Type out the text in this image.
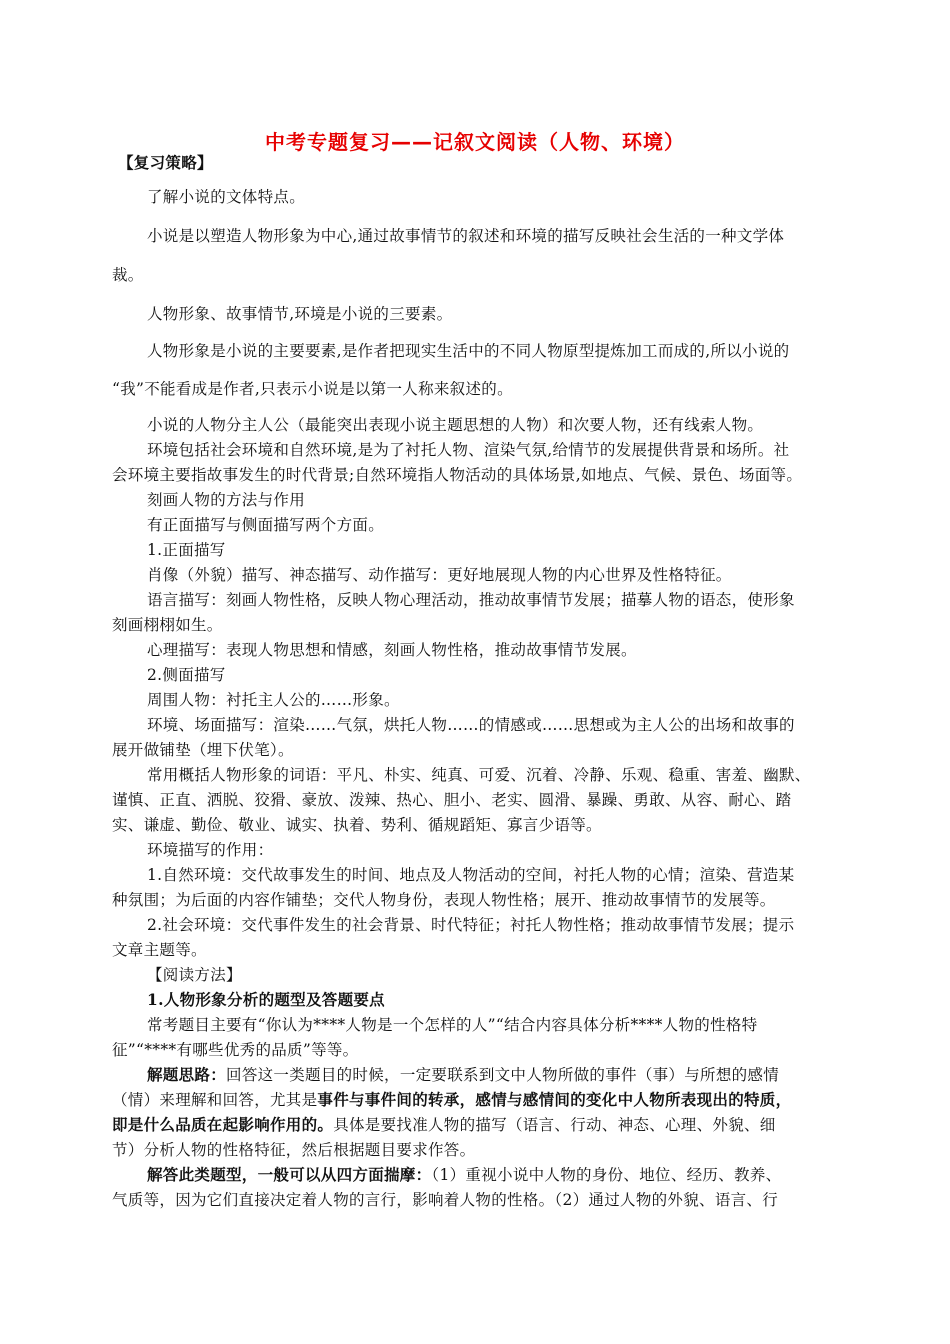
中考专题复习——记叙文阅读（人物、环境）
【复习策略】
了解小说的文体特点。
小说是以塑造人物形象为中心,通过故事情节的叙述和环境的描写反映社会生活的一种文学体
裁。
人物形象、故事情节,环境是小说的三要素。
人物形象是小说的主要要素,是作者把现实生活中的不同人物原型提炼加工而成的,所以小说的
“我”不能看成是作者,只表示小说是以第一人称来叙述的。
小说的人物分主人公（最能突出表现小说主题思想的人物）和次要人物，还有线索人物。
环境包括社会环境和自然环境,是为了衬托人物、渲染气氛,给情节的发展提供背景和场所。社
会环境主要指故事发生的时代背景;自然环境指人物活动的具体场景,如地点、气候、景色、场面等。
刻画人物的方法与作用
有正面描写与侧面描写两个方面。
1.正面描写
肖像（外貌）描写、神态描写、动作描写：更好地展现人物的内心世界及性格特征。
语言描写：刻画人物性格，反映人物心理活动，推动故事情节发展；描摹人物的语态，使形象
刻画栩栩如生。
心理描写：表现人物思想和情感，刻画人物性格，推动故事情节发展。
2.侧面描写
周围人物：衬托主人公的……形象。
环境、场面描写：渲染……气氛，烘托人物……的情感或……思想或为主人公的出场和故事的
展开做铺垫（埋下伏笔）。
常用概括人物形象的词语：平凡、朴实、纯真、可爱、沉着、冷静、乐观、稳重、害羞、幽默、
谨慎、正直、洒脱、狡猾、豪放、泼辣、热心、胆小、老实、圆滑、暴躁、勇敢、从容、耐心、踏
实、谦虚、勤俭、敬业、诚实、执着、势利、循规蹈矩、寡言少语等。
环境描写的作用：
1.自然环境：交代故事发生的时间、地点及人物活动的空间，衬托人物的心情；渲染、营造某
种氛围；为后面的内容作铺垫；交代人物身份，表现人物性格；展开、推动故事情节的发展等。
2.社会环境：交代事件发生的社会背景、时代特征；衬托人物性格；推动故事情节发展；提示
文章主题等。
【阅读方法】
1.人物形象分析的题型及答题要点
常考题目主要有“你认为****人物是一个怎样的人”“结合内容具体分析****人物的性格特
征”“****有哪些优秀的品质”等等。
解题思路：回答这一类题目的时候，一定要联系到文中人物所做的事件（事）与所想的感情
（情）来理解和回答，尤其是事件与事件间的转承，感情与感情间的变化中人物所表现出的特质，
即是什么品质在起影响作用的。具体是要找准人物的描写（语言、行动、神态、心理、外貌、细
节）分析人物的性格特征，然后根据题目要求作答。
解答此类题型，一般可以从四方面揣摩：（1）重视小说中人物的身份、地位、经历、教养、
气质等，因为它们直接决定着人物的言行，影响着人物的性格。（2）通过人物的外貌、语言、行
